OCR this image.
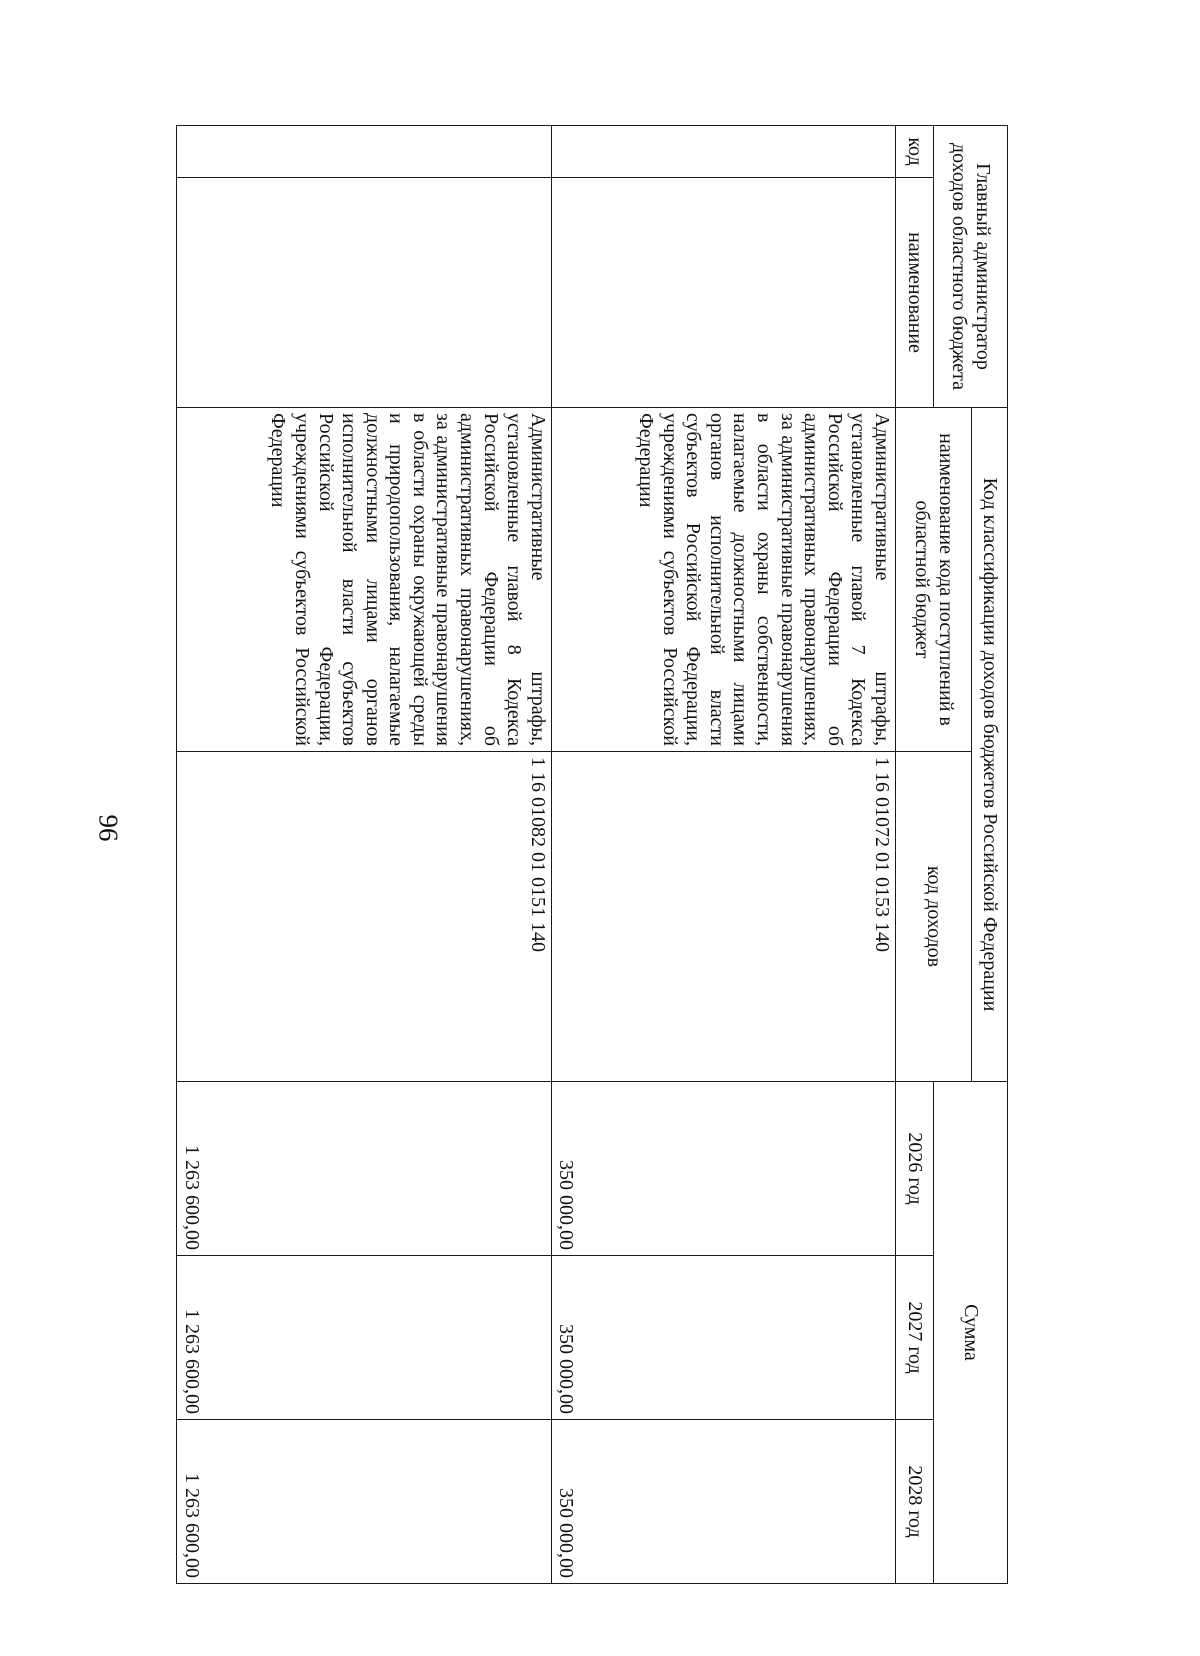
96
Главный администратор доходов областного бюджета		Код классификации доходов бюджетов Российской Федерации		Сумма		
		наименование кода поступлений в областной бюджет	код доходов			
код	наименование			2026 год	2027 год	2028 год
		Административные штрафы, установленные главой 7 Кодекса Российской Федерации об административных правонарушениях, за административные правонарушения в области охраны собственности, налагаемые должностными лицами органов исполнительной власти субъектов Российской Федерации, учреждениями субъектов Российской Федерации	1 16 01072 01 0153 140	350 000,00	350 000,00	350 000,00
		Административные штрафы, установленные главой 8 Кодекса Российской Федерации об административных правонарушениях, за административные правонарушения в области охраны окружающей среды и природопользования, налагаемые должностными лицами органов исполнительной власти субъектов Российской Федерации, учреждениями субъектов Российской Федерации	1 16 01082 01 0151 140	1 263 600,00	1 263 600,00	1 263 600,00
